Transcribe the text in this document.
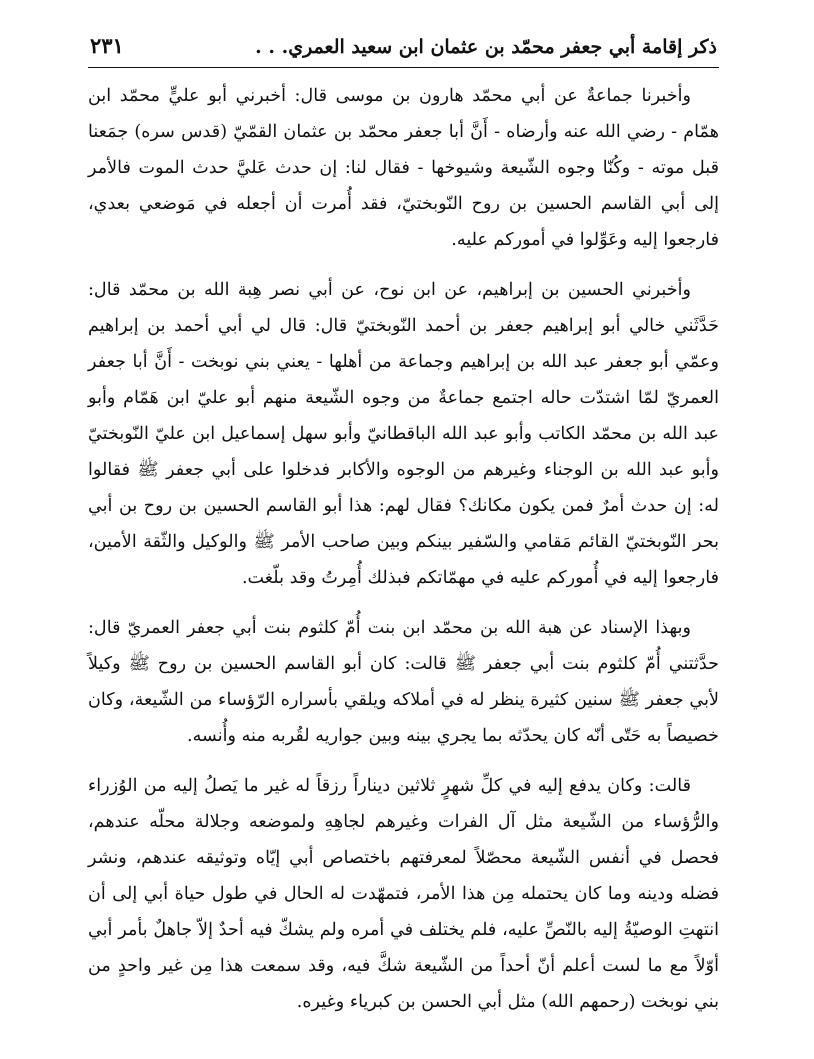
ذكر إقامة أبي جعفر محمّد بن عثمان ابن سعيد العمري. . .
٢٣١

وأخبرنا جماعةٌ عن أبي محمّد هارون بن موسى قال: أخبرني أبو عليٍّ محمّد ابن همّام - رضي الله عنه وأرضاه - أَنَّ أبا جعفر محمّد بن عثمان القمّيّ (قدس سره) جمَعنا قبل موته - وكُنّا وجوه الشّيعة وشيوخها - فقال لنا: إن حدث عَليَّ حدث الموت فالأمر إلى أبي القاسم الحسين بن روح النّوبختيّ، فقد أُمرت أن أجعله في مَوضعي بعدي، فارجعوا إليه وعَوِّلوا في أموركم عليه.

وأخبرني الحسين بن إبراهيم، عن ابن نوح، عن أبي نصر هِبة الله بن محمّد قال: حَدَّثَني خالي أبو إبراهيم جعفر بن أحمد النّوبختيّ قال: قال لي أبي أحمد بن إبراهيم وعمّي أبو جعفر عبد الله بن إبراهيم وجماعة من أهلها - يعني بني نوبخت - أَنَّ أبا جعفر العمريّ لمّا اشتدّت حاله اجتمع جماعةٌ من وجوه الشّيعة منهم أبو عليّ ابن هَمّام وأبو عبد الله بن محمّد الكاتب وأبو عبد الله الباقطانيّ وأبو سهل إسماعيل ابن عليّ النّوبختيّ وأبو عبد الله بن الوجناء وغيرهم من الوجوه والأكابر فدخلوا على أبي جعفر ﷺ فقالوا له: إن حدث أمرٌ فمن يكون مكانك؟ فقال لهم: هذا أبو القاسم الحسين بن روح بن أبي بحر النّوبختيّ القائم مَقامي والسّفير بينكم وبين صاحب الأمر ﷺ والوكيل والثّقة الأمين، فارجعوا إليه في أُموركم عليه في مهمّاتكم فبذلك أُمِرتُ وقد بلّغت.

وبهذا الإسناد عن هبة الله بن محمّد ابن بنت أُمّ كلثوم بنت أبي جعفر العمريّ قال: حدَّثتني أُمّ كلثوم بنت أبي جعفر ﷺ قالت: كان أبو القاسم الحسين بن روح ﷺ وكيلاً لأبي جعفر ﷺ سنين كثيرة ينظر له في أملاكه ويلقي بأسراره الرّؤساء من الشّيعة، وكان خصيصاً به حَتّى أنّه كان يحدّثه بما يجري بينه وبين جواريه لقُربه منه وأُنسه.

قالت: وكان يدفع إليه في كلِّ شهرٍ ثلاثين ديناراً رزقاً له غير ما يَصلُ إليه من الوُزراء والرُّؤساء من الشّيعة مثل آل الفرات وغيرهم لجاهِهِ ولموضعه وجلالة محلّه عندهم، فحصل في أنفس الشّيعة محصّلاً لمعرفتهم باختصاص أبي إيّاه وتوثيقه عندهم، ونشر فضله ودينه وما كان يحتمله مِن هذا الأمر، فتمهّدت له الحال في طول حياة أبي إلى أن انتهتِ الوصيّةُ إليه بالنّصِّ عليه، فلم يختلف في أمره ولم يشكّ فيه أحدٌ إلاّ جاهلٌ بأمر أبي أوّلاً مع ما لست أعلم أنّ أحداً من الشّيعة شكَّ فيه، وقد سمعت هذا مِن غير واحدٍ من بني نوبخت (رحمهم الله) مثل أبي الحسن بن كبرياء وغيره.
